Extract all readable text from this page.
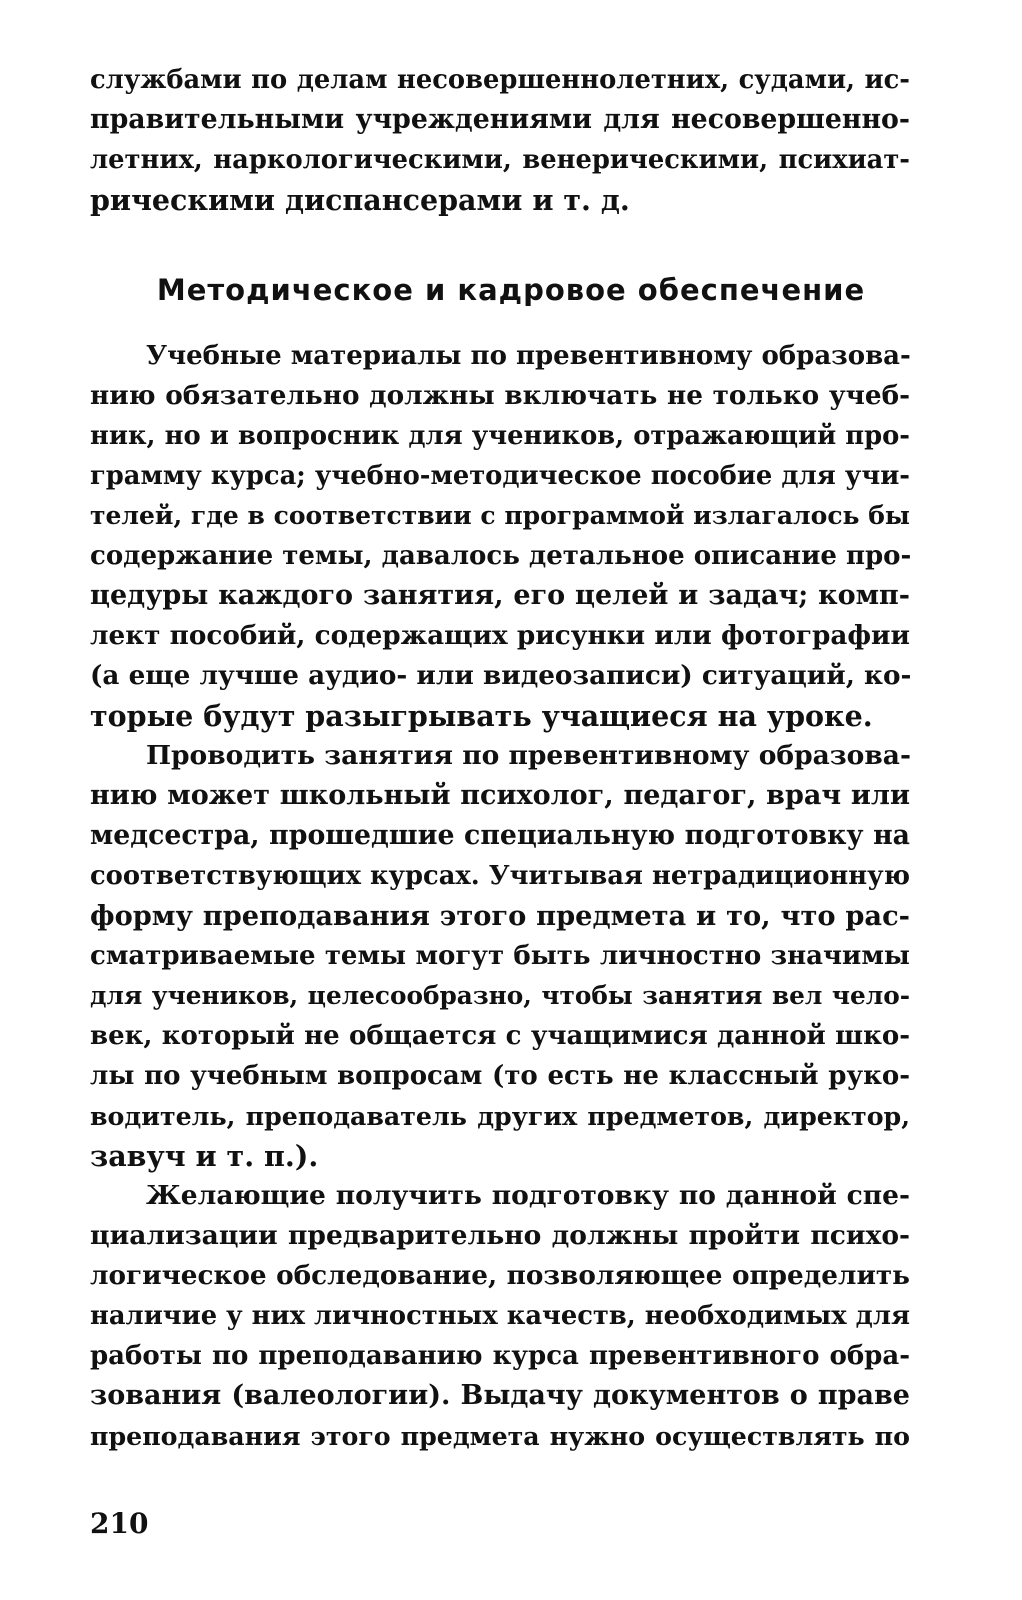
службами по делам несовершеннолетних, судами, ис-
правительными учреждениями для несовершенно-
летних, наркологическими, венерическими, психиат-
рическими диспансерами и т. д.
Методическое и кадровое обеспечение
Учебные материалы по превентивному образова-
нию обязательно должны включать не только учеб-
ник, но и вопросник для учеников, отражающий про-
грамму курса; учебно-методическое пособие для учи-
телей, где в соответствии с программой излагалось бы
содержание темы, давалось детальное описание про-
цедуры каждого занятия, его целей и задач; комп-
лект пособий, содержащих рисунки или фотографии
(а еще лучше аудио- или видеозаписи) ситуаций, ко-
торые будут разыгрывать учащиеся на уроке.
Проводить занятия по превентивному образова-
нию может школьный психолог, педагог, врач или
медсестра, прошедшие специальную подготовку на
соответствующих курсах. Учитывая нетрадиционную
форму преподавания этого предмета и то, что рас-
сматриваемые темы могут быть личностно значимы
для учеников, целесообразно, чтобы занятия вел чело-
век, который не общается с учащимися данной шко-
лы по учебным вопросам (то есть не классный руко-
водитель, преподаватель других предметов, директор,
завуч и т. п.).
Желающие получить подготовку по данной спе-
циализации предварительно должны пройти психо-
логическое обследование, позволяющее определить
наличие у них личностных качеств, необходимых для
работы по преподаванию курса превентивного обра-
зования (валеологии). Выдачу документов о праве
преподавания этого предмета нужно осуществлять по
210
